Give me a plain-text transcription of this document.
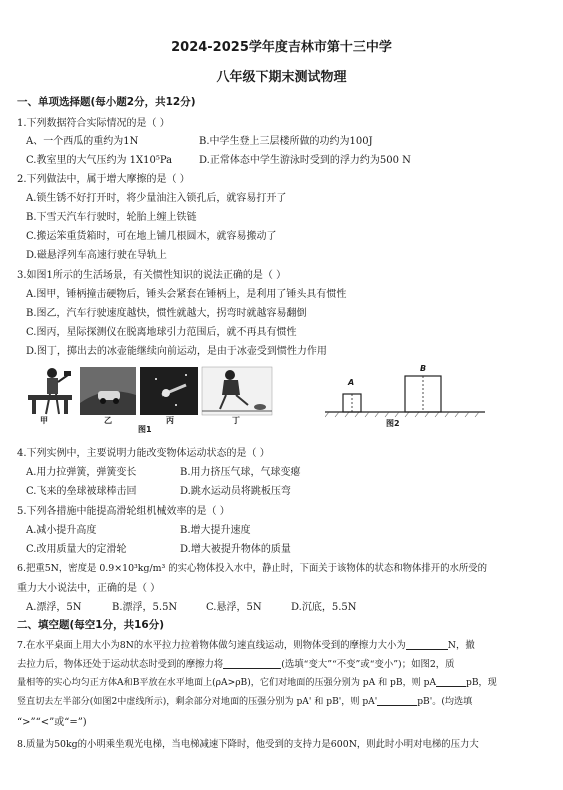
2024-2025学年度吉林市第十三中学
八年级下期末测试物理
一、单项选择题(每小题2分，共12分)
1.下列数据符合实际情况的是（ ）
A、一个西瓜的重约为1N	B.中学生登上三层楼所做的功约为100J
C.教室里的大气压约为 1X10⁵Pa	D.正常体态中学生游泳时受到的浮力约为500 N
2.下列做法中，属于增大摩擦的是（ ）
A.锁生锈不好打开时，将少量油注入锁孔后，就容易打开了
B.下雪天汽车行驶时，轮胎上缠上铁链
C.搬运笨重货箱时，可在地上铺几根圆木，就容易搬动了
D.磁悬浮列车高速行驶在导轨上
3.如图1所示的生活场景，有关惯性知识的说法正确的是（ ）
A.图甲，锤柄撞击硬物后，锤头会紧套在锤柄上，是利用了锤头具有惯性
B.图乙，汽车行驶速度越快，惯性就越大，拐弯时就越容易翻倒
C.图丙，星际探测仪在脱离地球引力范围后，就不再具有惯性
D.图丁，掷出去的冰壶能继续向前运动，是由于冰壶受到惯性力作用
甲	乙	丙	丁
图1
A
B
图2
4.下列实例中，主要说明力能改变物体运动状态的是（ ）
A.用力拉弹簧，弹簧变长	B.用力挤压气球，气球变瘪
C.飞来的垒球被球棒击回	D.跳水运动员将跳板压弯
5.下列各措施中能提高滑轮组机械效率的是（ ）
A.减小提升高度	B.增大提升速度
C.改用质量大的定滑轮	D.增大被提升物体的质量
6.把重5N，密度是 0.9×10³kg/m³ 的实心物体投入水中，静止时，下面关于该物体的状态和物体排开的水所受的
重力大小说法中，正确的是（ ）
A.漂浮，5N	B.漂浮，5.5N	C.悬浮，5N	D.沉底，5.5N
二、填空题(每空1分，共16分)
7.在水平桌面上用大小为8N的水平拉力拉着物体做匀速直线运动，则物体受到的摩擦力大小为	N，撤
去拉力后，物体还处于运动状态时受到的摩擦力将	(选填“变大”“不变”或“变小”)；如图2，质
量相等的实心均匀正方体A和B平放在水平地面上(ρA>ρB)，它们对地面的压强分别为 pA 和 pB，则 pA	pB，现
竖直切去左半部分(如图2中虚线所示)，剩余部分对地面的压强分别为 pA' 和 pB'，则 pA'	pB'。(均选填
“>”“<”或“=”)
8.质量为50kg的小明乘坐观光电梯，当电梯减速下降时，他受到的支持力是600N，则此时小明对电梯的压力大
